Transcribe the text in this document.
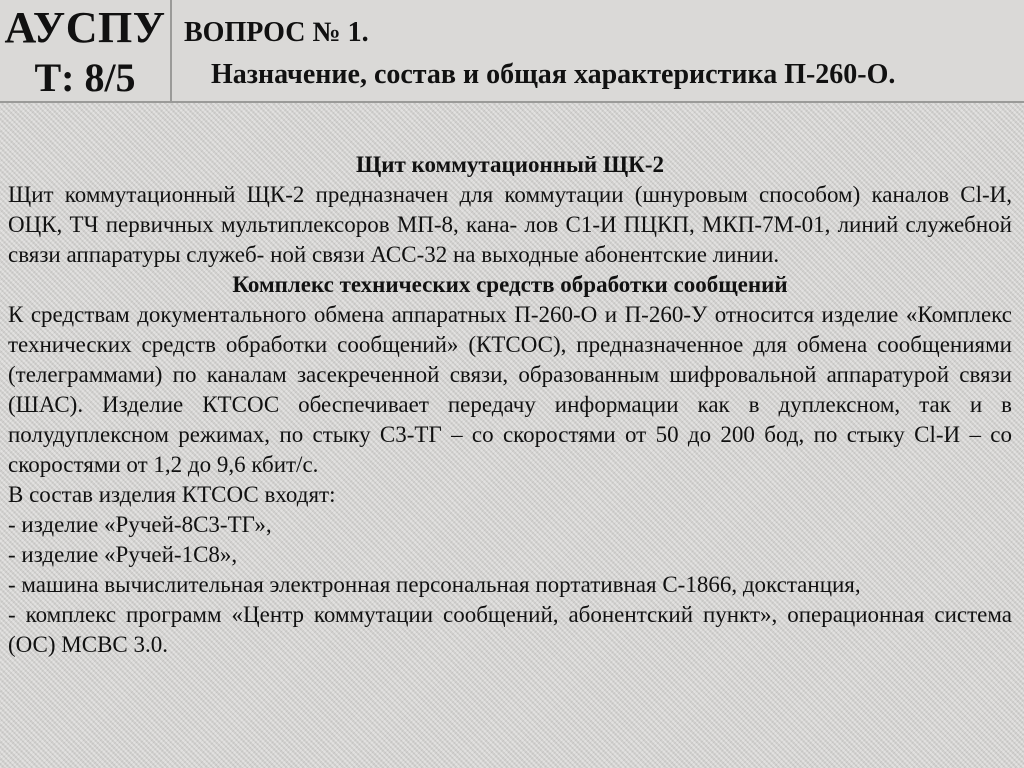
АУСПУ
Т: 8/5
ВОПРОС № 1.
Назначение, состав и общая характеристика П-260-О.

Щит коммутационный ЩК-2

Щит коммутационный ЩК-2 предназначен для коммутации (шнуровым способом) каналов Сl-И, ОЦК, ТЧ первичных мультиплексоров МП-8, кана- лов С1-И ПЦКП, МКП-7М-01, линий служебной связи аппаратуры служеб- ной связи АСС-32 на выходные абонентские линии.

Комплекс технических средств обработки сообщений

К средствам документального обмена аппаратных П-260-О и П-260-У относится изделие «Комплекс технических средств обработки сообщений» (КТСОС), предназначенное для обмена сообщениями (телеграммами) по каналам засекреченной связи, образованным шифровальной аппаратурой связи (ШАС). Изделие КТСОС обеспечивает передачу информации как в дуплексном, так и в полудуплексном режимах, по стыку С3-ТГ – со скоростями от 50 до 200 бод, по стыку Сl-И – со скоростями от 1,2 до 9,6 кбит/с.

В состав изделия КТСОС входят:

- изделие «Ручей-8С3-ТГ»,

- изделие «Ручей-1С8»,

- машина вычислительная электронная персональная портативная С-1866, докстанция,

- комплекс программ «Центр коммутации сообщений, абонентский пункт», операционная система (ОС) МСВС 3.0.
